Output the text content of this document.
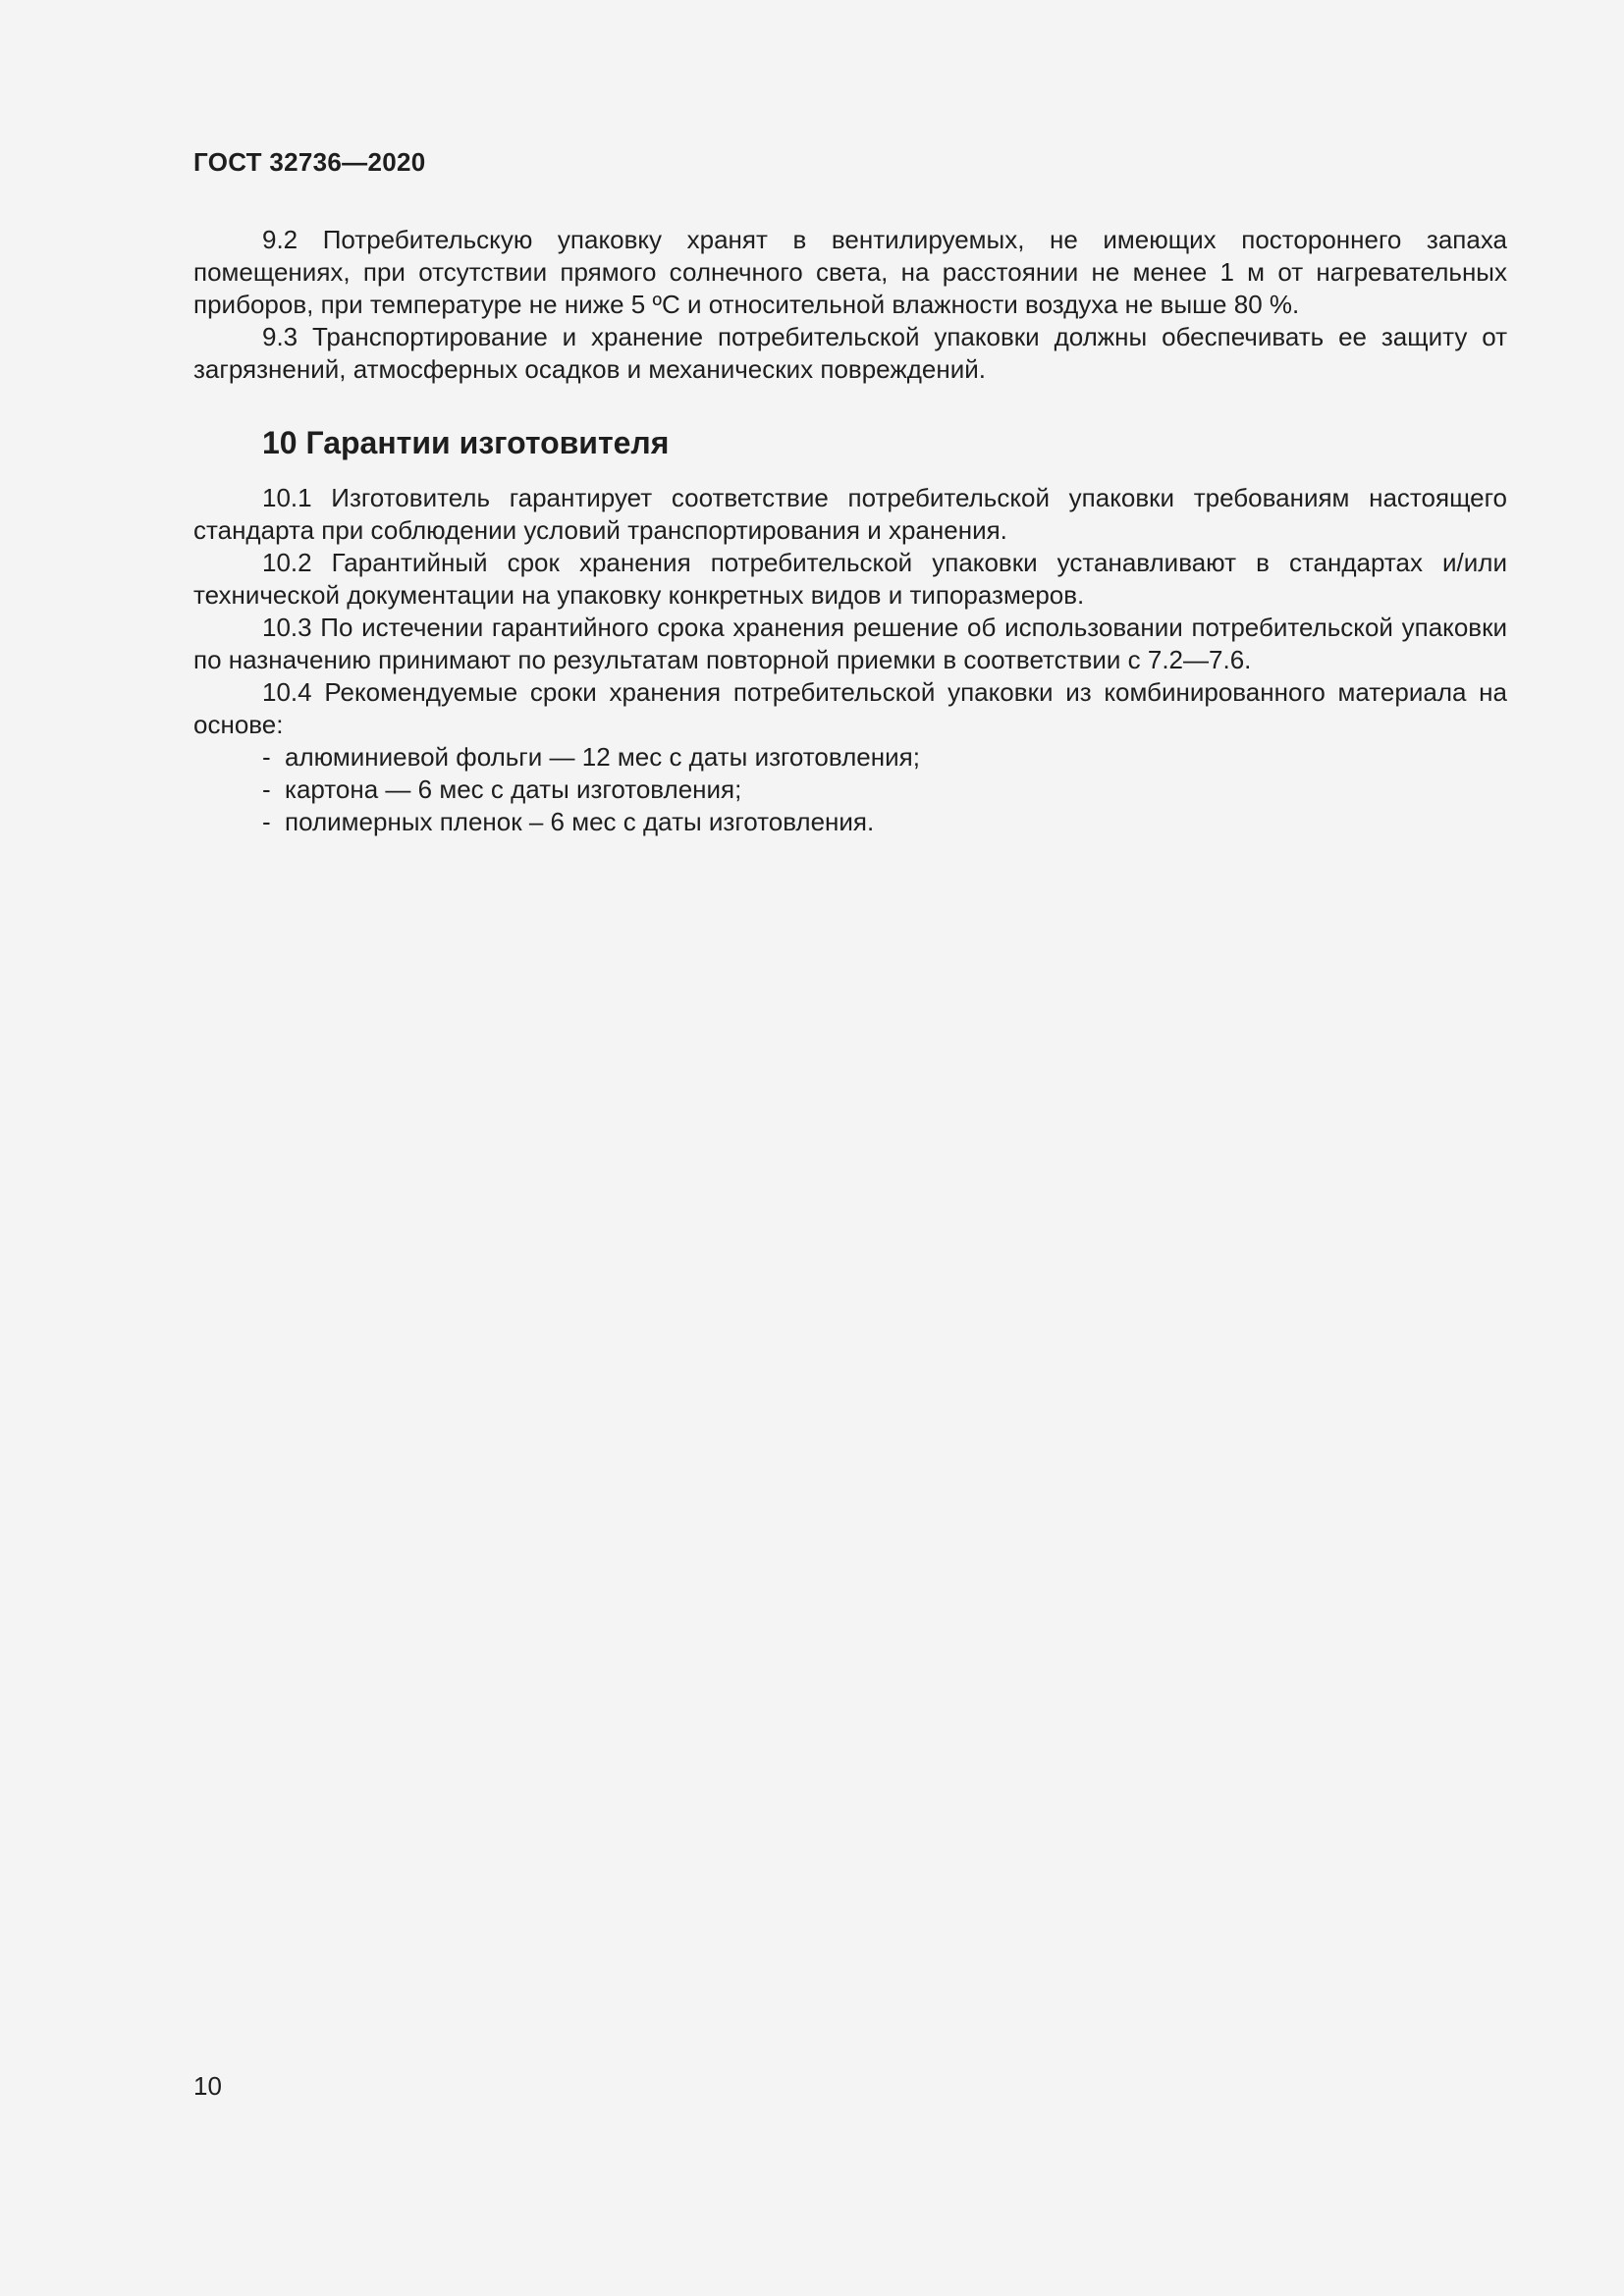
ГОСТ 32736—2020

9.2 Потребительскую упаковку хранят в вентилируемых, не имеющих постороннего запаха помещениях, при отсутствии прямого солнечного света, на расстоянии не менее 1 м от нагревательных приборов, при температуре не ниже 5 ºС и относительной влажности воздуха не выше 80 %.

9.3 Транспортирование и хранение потребительской упаковки должны обеспечивать ее защиту от загрязнений, атмосферных осадков и механических повреждений.

10 Гарантии изготовителя

10.1 Изготовитель гарантирует соответствие потребительской упаковки требованиям настоящего стандарта при соблюдении условий транспортирования и хранения.

10.2 Гарантийный срок хранения потребительской упаковки устанавливают в стандартах и/или технической документации на упаковку конкретных видов и типоразмеров.

10.3 По истечении гарантийного срока хранения решение об использовании потребительской упаковки по назначению принимают по результатам повторной приемки в соответствии с 7.2—7.6.

10.4 Рекомендуемые сроки хранения потребительской упаковки из комбинированного материала на основе:

- алюминиевой фольги — 12 мес с даты изготовления;
- картона — 6 мес с даты изготовления;
- полимерных пленок – 6 мес с даты изготовления.
10
